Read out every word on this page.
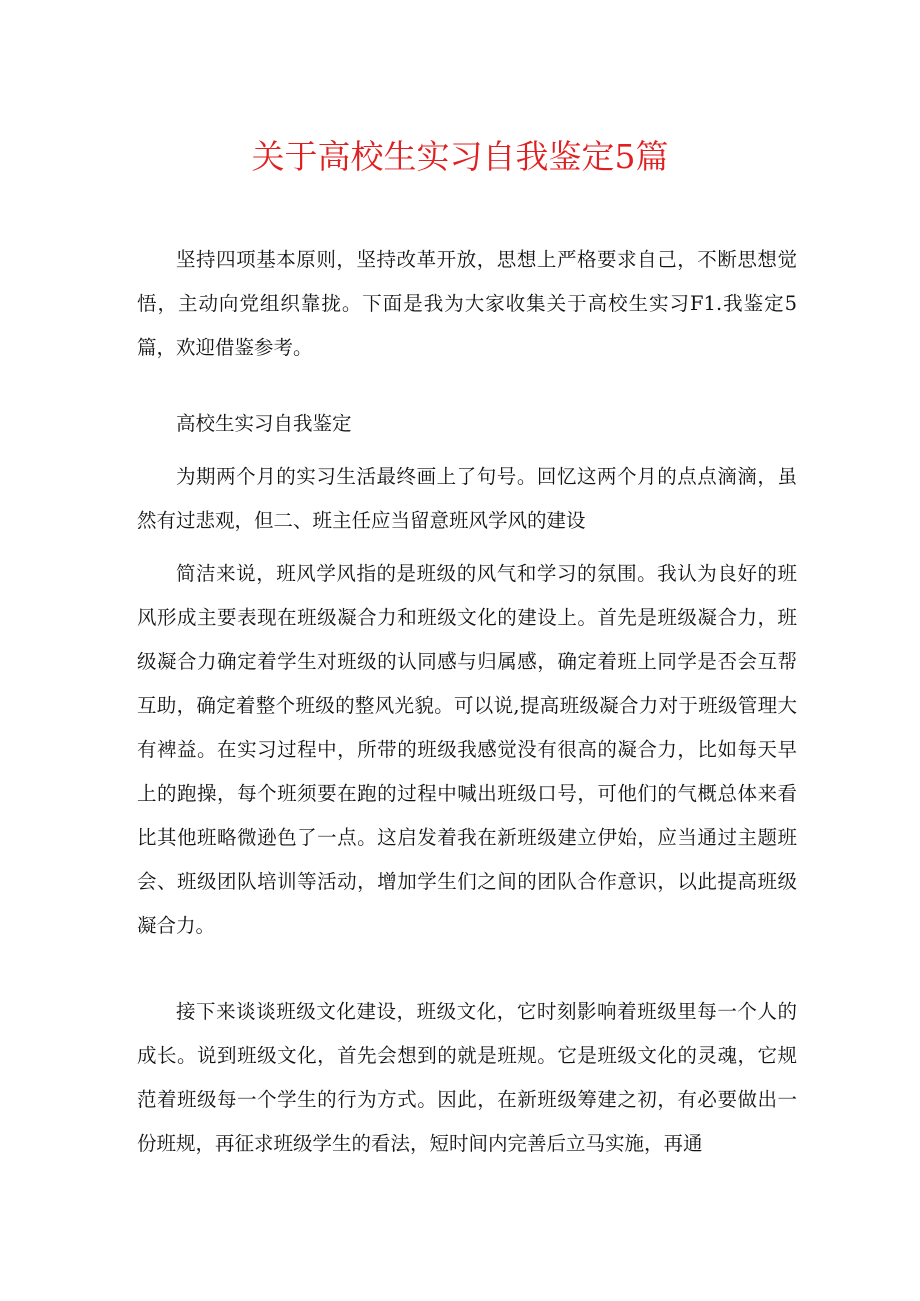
关于高校生实习自我鉴定5篇

坚持四项基本原则，坚持改革开放，思想上严格要求自己，不断思想觉悟，主动向党组织靠拢。下面是我为大家收集关于高校生实习F1.我鉴定5篇，欢迎借鉴参考。

高校生实习自我鉴定

为期两个月的实习生活最终画上了句号。回忆这两个月的点点滴滴，虽然有过悲观，但二、班主任应当留意班风学风的建设

简洁来说，班风学风指的是班级的风气和学习的氛围。我认为良好的班风形成主要表现在班级凝合力和班级文化的建设上。首先是班级凝合力，班级凝合力确定着学生对班级的认同感与归属感，确定着班上同学是否会互帮互助，确定着整个班级的整风光貌。可以说,提高班级凝合力对于班级管理大有裨益。在实习过程中，所带的班级我感觉没有很高的凝合力，比如每天早上的跑操，每个班须要在跑的过程中喊出班级口号，可他们的气概总体来看比其他班略微逊色了一点。这启发着我在新班级建立伊始，应当通过主题班会、班级团队培训等活动，增加学生们之间的团队合作意识，以此提高班级凝合力。

接下来谈谈班级文化建设，班级文化，它时刻影响着班级里每一个人的成长。说到班级文化，首先会想到的就是班规。它是班级文化的灵魂，它规范着班级每一个学生的行为方式。因此，在新班级筹建之初，有必要做出一份班规，再征求班级学生的看法，短时间内完善后立马实施，再通
